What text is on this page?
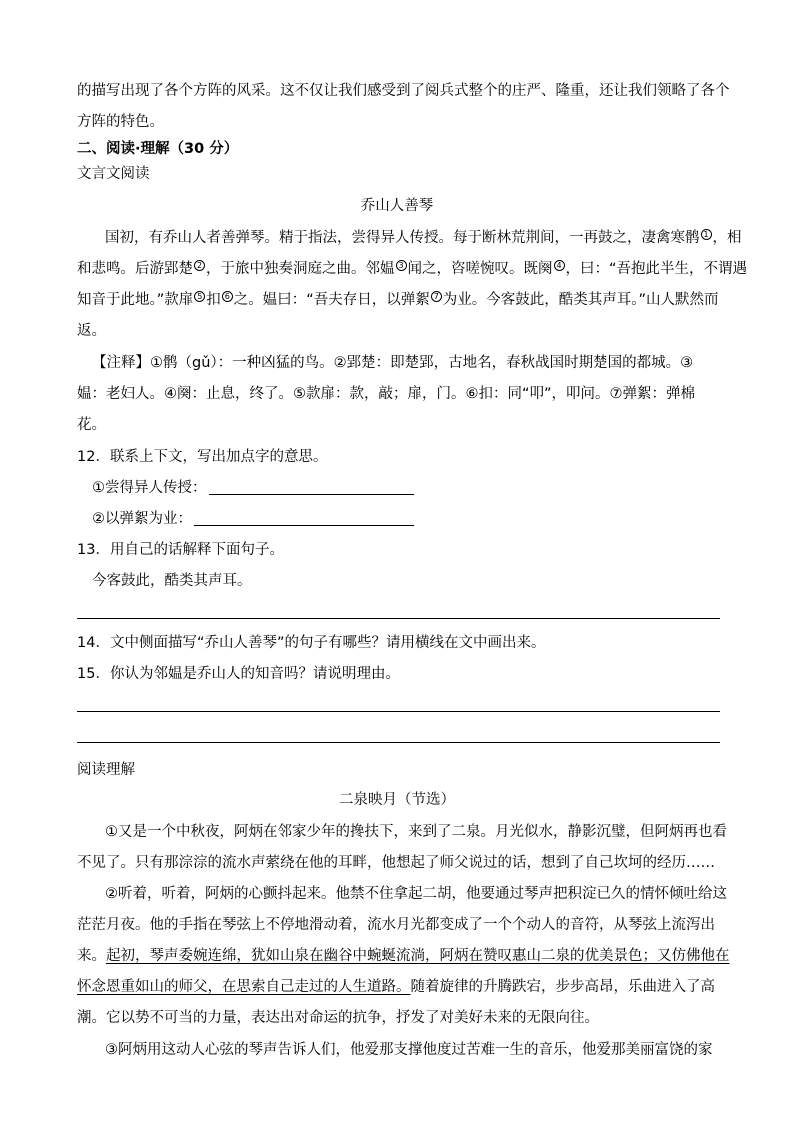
的描写出现了各个方阵的风采。这不仅让我们感受到了阅兵式整个的庄严、隆重，还让我们领略了各个
方阵的特色。
二、阅读·理解（30 分）
文言文阅读
乔山人善琴
国初，有乔山人者善弹琴。精于指法，尝得异人传授。每于断林荒荆间，一再鼓之，凄禽寒鹘 1 ，相
和悲鸣。后游郢楚 2 ，于旅中独奏洞庭之曲。邻媪 3 闻之，咨嗟惋叹。既阕 4 ，曰：“吾抱此半生，不谓遇
知音于此地。”款扉 5 扣 6 之。媪曰：“吾夫存日，以弹絮 7 为业。今客鼓此，酷类其声耳。”山人默然而
返。
【注释】①鹘（gǔ）：一种凶猛的鸟。②郢楚：即楚郢，古地名，春秋战国时期楚国的都城。③
媪：老妇人。④阕：止息，终了。⑤款扉：款，敲；扉，门。⑥扣：同“叩”，叩问。⑦弹絮：弹棉
花。
12．联系上下文，写出加点字的意思。
①尝得异人传授：
②以弹絮为业：
13．用自己的话解释下面句子。
今客鼓此，酷类其声耳。
14．文中侧面描写“乔山人善琴”的句子有哪些？请用横线在文中画出来。
15．你认为邻媪是乔山人的知音吗？请说明理由。
阅读理解
二泉映月（节选）
①又是一个中秋夜，阿炳在邻家少年的搀扶下，来到了二泉。月光似水，静影沉璧，但阿炳再也看
不见了。只有那淙淙的流水声萦绕在他的耳畔，他想起了师父说过的话，想到了自己坎坷的经历……
②听着，听着，阿炳的心颤抖起来。他禁不住拿起二胡，他要通过琴声把积淀已久的情怀倾吐给这
茫茫月夜。他的手指在琴弦上不停地滑动着，流水月光都变成了一个个动人的音符，从琴弦上流泻出
来。起初，琴声委婉连绵，犹如山泉在幽谷中蜿蜒流淌，阿炳在赞叹惠山二泉的优美景色；又仿佛他在
怀念恩重如山的师父，在思索自己走过的人生道路。随着旋律的升腾跌宕，步步高昂，乐曲进入了高
潮。它以势不可当的力量，表达出对命运的抗争，抒发了对美好未来的无限向往。
③阿炳用这动人心弦的琴声告诉人们，他爱那支撑他度过苦难一生的音乐，他爱那美丽富饶的家
